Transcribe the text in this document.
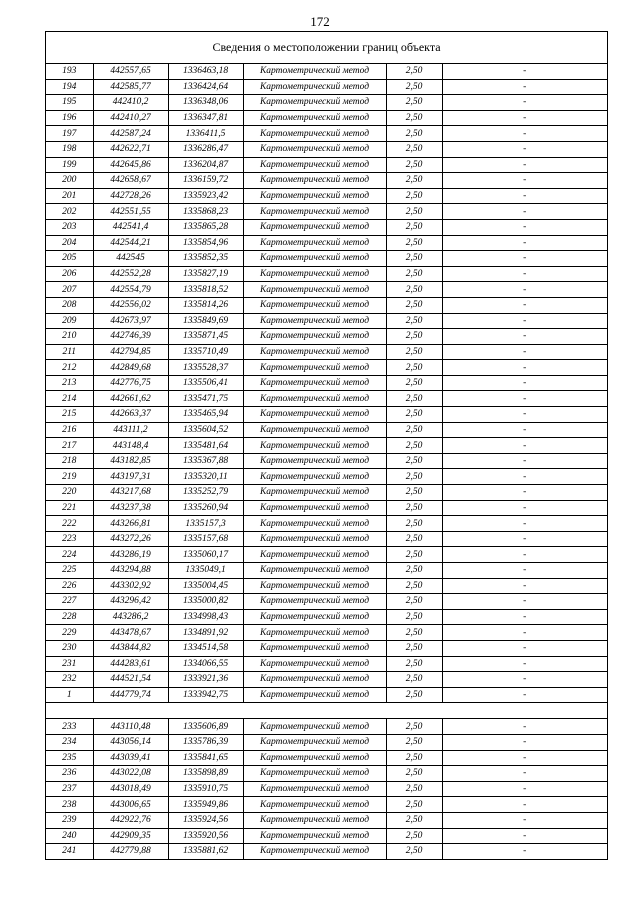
172
Сведения о местоположении границ объекта
193	442557,65	1336463,18	Картометрический метод	2,50	-
194	442585,77	1336424,64	Картометрический метод	2,50	-
195	442410,2	1336348,06	Картометрический метод	2,50	-
196	442410,27	1336347,81	Картометрический метод	2,50	-
197	442587,24	1336411,5	Картометрический метод	2,50	-
198	442622,71	1336286,47	Картометрический метод	2,50	-
199	442645,86	1336204,87	Картометрический метод	2,50	-
200	442658,67	1336159,72	Картометрический метод	2,50	-
201	442728,26	1335923,42	Картометрический метод	2,50	-
202	442551,55	1335868,23	Картометрический метод	2,50	-
203	442541,4	1335865,28	Картометрический метод	2,50	-
204	442544,21	1335854,96	Картометрический метод	2,50	-
205	442545	1335852,35	Картометрический метод	2,50	-
206	442552,28	1335827,19	Картометрический метод	2,50	-
207	442554,79	1335818,52	Картометрический метод	2,50	-
208	442556,02	1335814,26	Картометрический метод	2,50	-
209	442673,97	1335849,69	Картометрический метод	2,50	-
210	442746,39	1335871,45	Картометрический метод	2,50	-
211	442794,85	1335710,49	Картометрический метод	2,50	-
212	442849,68	1335528,37	Картометрический метод	2,50	-
213	442776,75	1335506,41	Картометрический метод	2,50	-
214	442661,62	1335471,75	Картометрический метод	2,50	-
215	442663,37	1335465,94	Картометрический метод	2,50	-
216	443111,2	1335604,52	Картометрический метод	2,50	-
217	443148,4	1335481,64	Картометрический метод	2,50	-
218	443182,85	1335367,88	Картометрический метод	2,50	-
219	443197,31	1335320,11	Картометрический метод	2,50	-
220	443217,68	1335252,79	Картометрический метод	2,50	-
221	443237,38	1335260,94	Картометрический метод	2,50	-
222	443266,81	1335157,3	Картометрический метод	2,50	-
223	443272,26	1335157,68	Картометрический метод	2,50	-
224	443286,19	1335060,17	Картометрический метод	2,50	-
225	443294,88	1335049,1	Картометрический метод	2,50	-
226	443302,92	1335004,45	Картометрический метод	2,50	-
227	443296,42	1335000,82	Картометрический метод	2,50	-
228	443286,2	1334998,43	Картометрический метод	2,50	-
229	443478,67	1334891,92	Картометрический метод	2,50	-
230	443844,82	1334514,58	Картометрический метод	2,50	-
231	444283,61	1334066,55	Картометрический метод	2,50	-
232	444521,54	1333921,36	Картометрический метод	2,50	-
1	444779,74	1333942,75	Картометрический метод	2,50	-

233	443110,48	1335606,89	Картометрический метод	2,50	-
234	443056,14	1335786,39	Картометрический метод	2,50	-
235	443039,41	1335841,65	Картометрический метод	2,50	-
236	443022,08	1335898,89	Картометрический метод	2,50	-
237	443018,49	1335910,75	Картометрический метод	2,50	-
238	443006,65	1335949,86	Картометрический метод	2,50	-
239	442922,76	1335924,56	Картометрический метод	2,50	-
240	442909,35	1335920,56	Картометрический метод	2,50	-
241	442779,88	1335881,62	Картометрический метод	2,50	-
